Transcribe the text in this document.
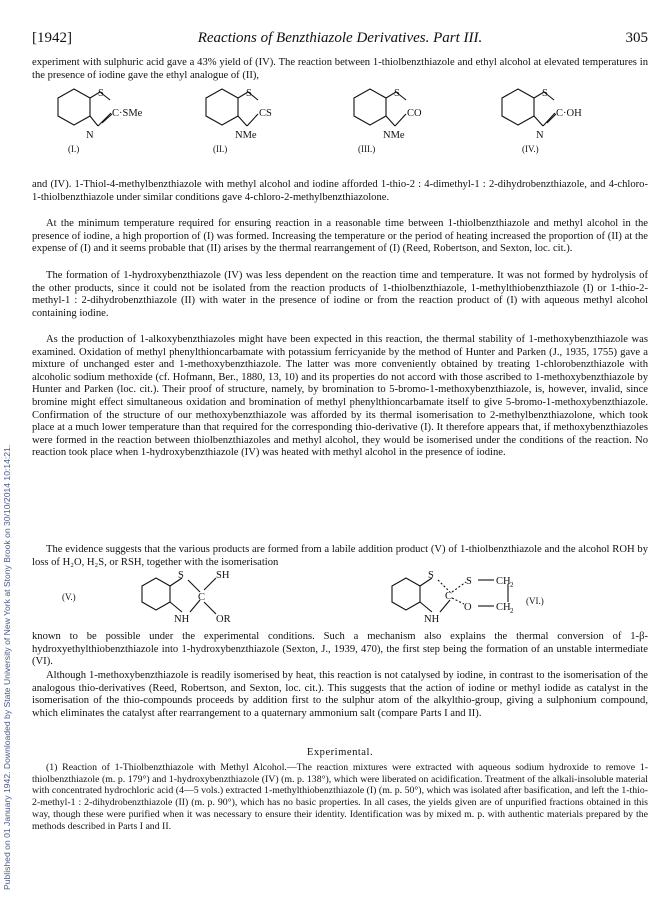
Published on 01 January 1942. Downloaded by State University of New York at Stony Brook on 30/10/2014 10:14:21.
[1942]	Reactions of Benzthiazole Derivatives. Part III.	305

experiment with sulphuric acid gave a 43% yield of (IV). The reaction between 1-thiolbenzthiazole and ethyl alcohol at elevated temperatures in the presence of iodine gave the ethyl analogue of (II),

S
C·SMe
N
(I.)
S
CS
NMe
(II.)
S
CO
NMe
(III.)
S
C·OH
N
(IV.)

and (IV). 1-Thiol-4-methylbenzthiazole with methyl alcohol and iodine afforded 1-thio-2 : 4-dimethyl-1 : 2-dihydrobenzthiazole, and 4-chloro-1-thiolbenzthiazole under similar conditions gave 4-chloro-2-methylbenzthiazolone.

At the minimum temperature required for ensuring reaction in a reasonable time between 1-thiolbenzthiazole and methyl alcohol in the presence of iodine, a high proportion of (I) was formed. Increasing the temperature or the period of heating increased the proportion of (II) at the expense of (I) and it seems probable that (II) arises by the thermal rearrangement of (I) (Reed, Robertson, and Sexton, loc. cit.).

The formation of 1-hydroxybenzthiazole (IV) was less dependent on the reaction time and temperature. It was not formed by hydrolysis of the other products, since it could not be isolated from the reaction products of 1-thiolbenzthiazole, 1-methylthiobenzthiazole (I) or 1-thio-2-methyl-1 : 2-dihydrobenzthiazole (II) with water in the presence of iodine or from the reaction product of (I) with aqueous methyl alcohol containing iodine.

As the production of 1-alkoxybenzthiazoles might have been expected in this reaction, the thermal stability of 1-methoxybenzthiazole was examined. Oxidation of methyl phenylthioncarbamate with potassium ferricyanide by the method of Hunter and Parken (J., 1935, 1755) gave a mixture of unchanged ester and 1-methoxybenzthiazole. The latter was more conveniently obtained by treating 1-chlorobenzthiazole with alcoholic sodium methoxide (cf. Hofmann, Ber., 1880, 13, 10) and its properties do not accord with those ascribed to 1-methoxybenzthiazole by Hunter and Parken (loc. cit.). Their proof of structure, namely, by bromination to 5-bromo-1-methoxybenzthiazole, is, however, invalid, since bromine might effect simultaneous oxidation and bromination of methyl phenylthioncarbamate itself to give 5-bromo-1-methoxybenzthiazole. Confirmation of the structure of our methoxybenzthiazole was afforded by its thermal isomerisation to 2-methylbenzthiazolone, which took place at a much lower temperature than that required for the corresponding thio-derivative (I). It therefore appears that, if methoxybenzthiazoles were formed in the reaction between thiolbenzthiazoles and methyl alcohol, they would be isomerised under the conditions of the reaction. No reaction took place when 1-hydroxybenzthiazole (IV) was heated with methyl alcohol in the presence of iodine.

The evidence suggests that the various products are formed from a labile addition product (V) of 1-thiolbenzthiazole and the alcohol ROH by loss of H₂O, H₂S, or RSH, together with the isomerisation

(V.)
S	SH
C
NH	OR
S
C
S CH 2
O CH 2
NH
(VI.)

known to be possible under the experimental conditions. Such a mechanism also explains the thermal conversion of 1-β-hydroxyethylthiobenzthiazole into 1-hydroxybenzthiazole (Sexton, J., 1939, 470), the first step being the formation of an unstable intermediate (VI).

Although 1-methoxybenzthiazole is readily isomerised by heat, this reaction is not catalysed by iodine, in contrast to the isomerisation of the analogous thio-derivatives (Reed, Robertson, and Sexton, loc. cit.). This suggests that the action of iodine or methyl iodide as catalyst in the isomerisation of the thio-compounds proceeds by addition first to the sulphur atom of the alkylthio-group, giving a sulphonium compound, which eliminates the catalyst after rearrangement to a quaternary ammonium salt (compare Parts I and II).

Experimental.

(1) Reaction of 1-Thiolbenzthiazole with Methyl Alcohol.—The reaction mixtures were extracted with aqueous sodium hydroxide to remove 1-thiolbenzthiazole (m. p. 179°) and 1-hydroxybenzthiazole (IV) (m. p. 138°), which were liberated on acidification. Treatment of the alkali-insoluble material with concentrated hydrochloric acid (4—5 vols.) extracted 1-methylthiobenzthiazole (I) (m. p. 50°), which was isolated after basification, and left the 1-thio-2-methyl-1 : 2-dihydrobenzthiazole (II) (m. p. 90°), which has no basic properties. In all cases, the yields given are of unpurified fractions obtained in this way, though these were purified when it was necessary to ensure their identity. Identification was by mixed m. p. with authentic materials prepared by the methods described in Parts I and II.
